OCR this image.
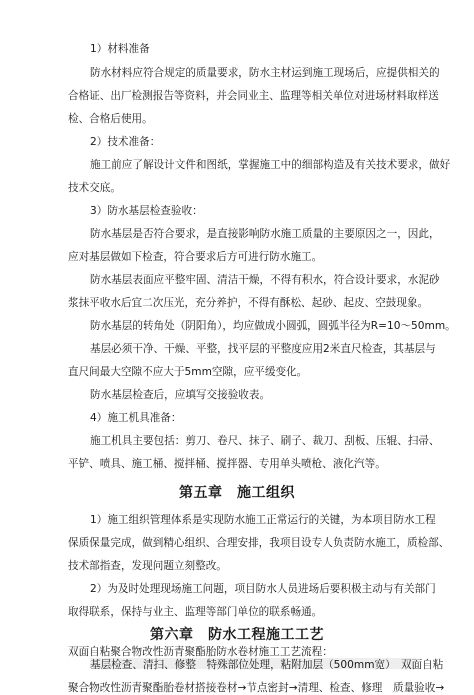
1）材料准备
防水材料应符合规定的质量要求，防水主材运到施工现场后，应提供相关的
合格证、出厂检测报告等资料，并会同业主、监理等相关单位对进场材料取样送
检、合格后使用。
2）技术准备：
施工前应了解设计文件和图纸，掌握施工中的细部构造及有关技术要求，做好
技术交底。
3）防水基层检查验收：
防水基层是否符合要求，是直接影响防水施工质量的主要原因之一，因此，
应对基层做如下检查，符合要求后方可进行防水施工。
防水基层表面应平整牢固、清洁干燥，不得有积水，符合设计要求，水泥砂
浆抹平收水后宜二次压光，充分养护，不得有酥松、起砂、起皮、空鼓现象。
防水基层的转角处（阴阳角），均应做成小圆弧，圆弧半径为R=10～50mm。
基层必须干净、干燥、平整，找平层的平整度应用2米直尺检查，其基层与
直尺间最大空隙不应大于5mm空隙，应平缓变化。
防水基层检查后，应填写交接验收表。
4）施工机具准备：
施工机具主要包括：剪刀、卷尺、抹子、刷子、裁刀、刮板、压辊、扫帚、
平铲、喷具、施工桶、搅拌桶、搅拌器、专用单头喷枪、液化汽等。
第五章　施工组织
1）施工组织管理体系是实现防水施工正常运行的关键，为本项目防水工程
保质保量完成，做到精心组织、合理安排，我项目设专人负责防水施工，质检部、
技术部指查，发现问题立刻整改。
2）为及时处理现场施工问题，项目防水人员进场后要积极主动与有关部门
取得联系，保持与业主、监理等部门单位的联系畅通。
第六章　防水工程施工工艺
双面自粘聚合物改性沥青聚酯胎防水卷材施工工艺流程：
基层检查、清扫、修整　特殊部位处理，粘附加层（500mm宽）　双面自粘
聚合物改性沥青聚酯胎卷材搭接卷材→节点密封→清理、检查、修理　质量验收→
